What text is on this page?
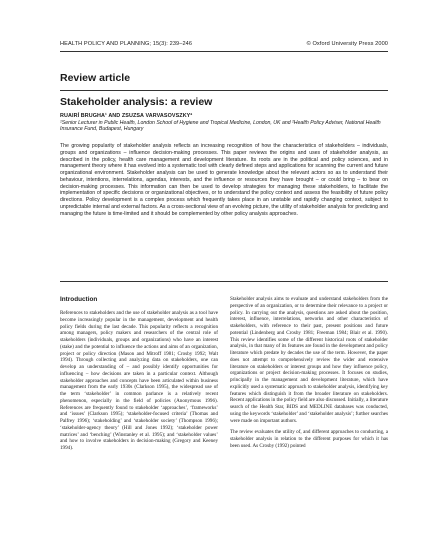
HEALTH POLICY AND PLANNING; 15(3): 239–246	© Oxford University Press 2000
Review article
Stakeholder analysis: a review
RUAIRÍ BRUGHA¹ AND ZSUZSA VARVASOVSZKY²
¹Senior Lecturer in Public Health, London School of Hygiene and Tropical Medicine, London, UK and ²Health Policy Adviser, National Health Insurance Fund, Budapest, Hungary

The growing popularity of stakeholder analysis reflects an increasing recognition of how the characteristics of stakeholders – individuals, groups and organizations – influence decision-making processes. This paper reviews the origins and uses of stakeholder analysis, as described in the policy, health care management and development literature. Its roots are in the political and policy sciences, and in management theory where it has evolved into a systematic tool with clearly defined steps and applications for scanning the current and future organizational environment. Stakeholder analysis can be used to generate knowledge about the relevant actors so as to understand their behaviour, intentions, interrelations, agendas, interests, and the influence or resources they have brought – or could bring – to bear on decision-making processes. This information can then be used to develop strategies for managing these stakeholders, to facilitate the implementation of specific decisions or organizational objectives, or to understand the policy context and assess the feasibility of future policy directions. Policy development is a complex process which frequently takes place in an unstable and rapidly changing context, subject to unpredictable internal and external factors. As a cross-sectional view of an evolving picture, the utility of stakeholder analysis for predicting and managing the future is time-limited and it should be complemented by other policy analysis approaches.

Introduction

References to stakeholders and the use of stakeholder analysis as a tool have become increasingly popular in the management, development and health policy fields during the last decade. This popularity reflects a recognition among managers, policy makers and researchers of the central role of stakeholders (individuals, groups and organizations) who have an interest (stake) and the potential to influence the actions and aims of an organization, project or policy direction (Mason and Mitroff 1981; Crosby 1992; Walt 1994). Through collecting and analyzing data on stakeholders, one can develop an understanding of – and possibly identify opportunities for influencing – how decisions are taken in a particular context. Although stakeholder approaches and concepts have been articulated within business management from the early 1930s (Clarkson 1995), the widespread use of the term ‘stakeholder’ in common parlance is a relatively recent phenomenon, especially in the field of policies (Anonymous 1996). References are frequently found to stakeholder ‘approaches’, ‘frameworks’ and ‘issues’ (Clarkson 1995); ‘stakeholder-focused criteria’ (Thomas and Palfrey 1996); ‘stakeholding’ and ‘stakeholder society’ (Thompson 1996); ‘stakeholder-agency theory’ (Hill and Jones 1992); ‘stakeholder power matrices’ and ‘benching’ (Winstanley et al. 1995); and ‘stakeholder values’ and how to involve stakeholders in decision-making (Gregory and Keeney 1994).

Stakeholder analysis aims to evaluate and understand stakeholders from the perspective of an organization, or to determine their relevance to a project or policy. In carrying out the analysis, questions are asked about the position, interest, influence, interrelations, networks and other characteristics of stakeholders, with reference to their past, present positions and future potential (Lindenberg and Crosby 1981; Freeman 1984; Blair et al. 1990). This review identifies some of the different historical roots of stakeholder analysis, in that many of its features are found in the development and policy literature which predate by decades the use of the term. However, the paper does not attempt to comprehensively review the wider and extensive literature on stakeholders or interest groups and how they influence policy, organizations or project decision-making processes. It focuses on studies, principally in the management and development literature, which have explicitly used a systematic approach to stakeholder analysis, identifying key features which distinguish it from the broader literature on stakeholders. Recent applications in the policy field are also discussed. Initially, a literature search of the Health Star, BIDS and MEDLINE databases was conducted, using the keywords ‘stakeholder’ and ‘stakeholder analysis’; further searches were made on important authors.

The review evaluates the utility of, and different approaches to conducting, a stakeholder analysis in relation to the different purposes for which it has been used. As Crosby (1992) pointed
